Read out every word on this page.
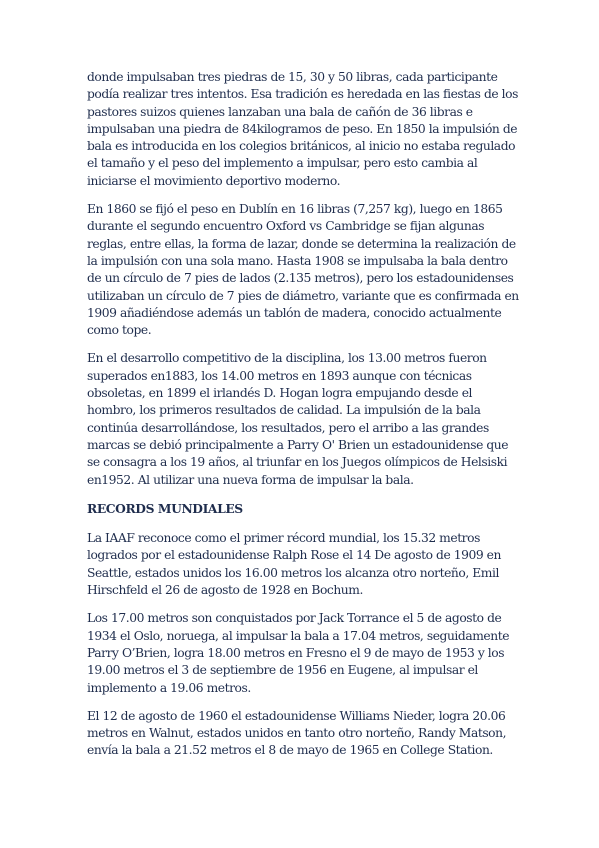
donde impulsaban tres piedras de 15, 30 y 50 libras, cada participante podía realizar tres intentos. Esa tradición es heredada en las fiestas de los pastores suizos quienes lanzaban una bala de cañón de 36 libras e impulsaban una piedra de 84kilogramos de peso. En 1850 la impulsión de bala es introducida en los colegios británicos, al inicio no estaba regulado el tamaño y el peso del implemento a impulsar, pero esto cambia al iniciarse el movimiento deportivo moderno.

En 1860 se fijó el peso en Dublín en 16 libras (7,257 kg), luego en 1865 durante el segundo encuentro Oxford vs Cambridge se fijan algunas reglas, entre ellas, la forma de lazar, donde se determina la realización de la impulsión con una sola mano. Hasta 1908 se impulsaba la bala dentro de un círculo de 7 pies de lados (2.135 metros), pero los estadounidenses utilizaban un círculo de 7 pies de diámetro, variante que es confirmada en 1909 añadiéndose además un tablón de madera, conocido actualmente como tope.

En el desarrollo competitivo de la disciplina, los 13.00 metros fueron superados en1883, los 14.00 metros en 1893 aunque con técnicas obsoletas, en 1899 el irlandés D. Hogan logra empujando desde el hombro, los primeros resultados de calidad. La impulsión de la bala continúa desarrollándose, los resultados, pero el arribo a las grandes marcas se debió principalmente a Parry O' Brien un estadounidense que se consagra a los 19 años, al triunfar en los Juegos olímpicos de Helsiski en1952. Al utilizar una nueva forma de impulsar la bala.

RECORDS MUNDIALES

La IAAF reconoce como el primer récord mundial, los 15.32 metros logrados por el estadounidense Ralph Rose el 14 De agosto de 1909 en Seattle, estados unidos los 16.00 metros los alcanza otro norteño, Emil Hirschfeld el 26 de agosto de 1928 en Bochum.

Los 17.00 metros son conquistados por Jack Torrance el 5 de agosto de 1934 el Oslo, noruega, al impulsar la bala a 17.04 metros, seguidamente Parry O’Brien, logra 18.00 metros en Fresno el 9 de mayo de 1953 y los 19.00 metros el 3 de septiembre de 1956 en Eugene, al impulsar el implemento a 19.06 metros.

El 12 de agosto de 1960 el estadounidense Williams Nieder, logra 20.06 metros en Walnut, estados unidos en tanto otro norteño, Randy Matson, envía la bala a 21.52 metros el 8 de mayo de 1965 en College Station.
